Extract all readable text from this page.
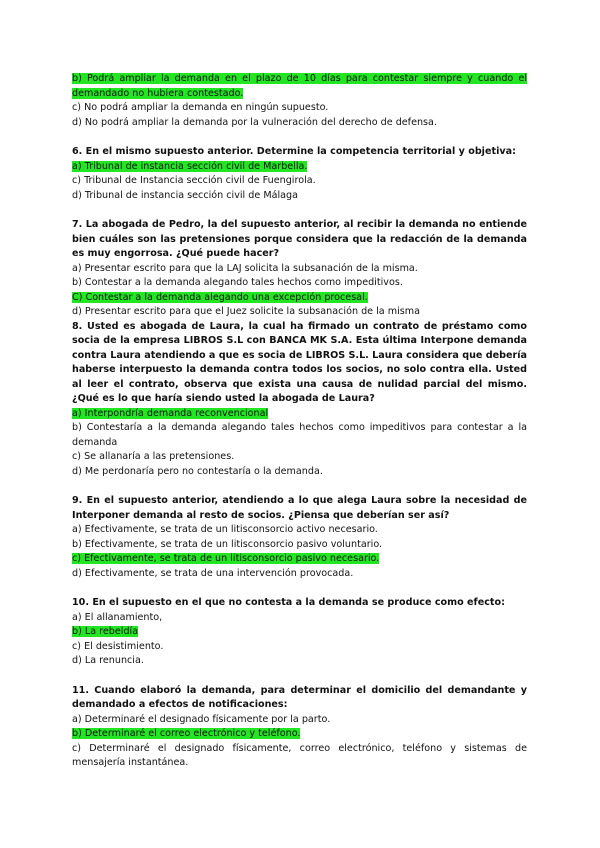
b) Podrá ampliar la demanda en el plazo de 10 días para contestar siempre y cuando el demandado no hubiera contestado.
c) No podrá ampliar la demanda en ningún supuesto.
d) No podrá ampliar la demanda por la vulneración del derecho de defensa.
6. En el mismo supuesto anterior. Determine la competencia territorial y objetiva:
a) Tribunal de instancia sección civil de Marbella.
c) Tribunal de Instancia sección civil de Fuengirola.
d) Tribunal de instancia sección civil de Málaga
7. La abogada de Pedro, la del supuesto anterior, al recibir la demanda no entiende bien cuáles son las pretensiones porque considera que la redacción de la demanda es muy engorrosa. ¿Qué puede hacer?
a) Presentar escrito para que la LAJ solicita la subsanación de la misma.
b) Contestar a la demanda alegando tales hechos como impeditivos.
C) Contestar a la demanda alegando una excepción procesal.
d) Presentar escrito para que el Juez solicite la subsanación de la misma
8. Usted es abogada de Laura, la cual ha firmado un contrato de préstamo como socia de la empresa LIBROS S.L con BANCA MK S.A. Esta última Interpone demanda contra Laura atendiendo a que es socia de LIBROS S.L. Laura considera que debería haberse interpuesto la demanda contra todos los socios, no solo contra ella. Usted al leer el contrato, observa que exista una causa de nulidad parcial del mismo. ¿Qué es lo que haría siendo usted la abogada de Laura?
a) Interpondría demanda reconvencional
b) Contestaría a la demanda alegando tales hechos como impeditivos para contestar a la demanda
c) Se allanaría a las pretensiones.
d) Me perdonaría pero no contestaría o la demanda.
9. En el supuesto anterior, atendiendo a lo que alega Laura sobre la necesidad de Interponer demanda al resto de socios. ¿Piensa que deberían ser así?
a) Efectivamente, se trata de un litisconsorcio activo necesario.
b) Efectivamente, se trata de un litisconsorcio pasivo voluntario.
c) Efectivamente, se trata de un litisconsorcio pasivo necesario.
d) Efectivamente, se trata de una intervención provocada.
10. En el supuesto en el que no contesta a la demanda se produce como efecto:
a) El allanamiento,
b) La rebeldía
c) El desistimiento.
d) La renuncia.
11. Cuando elaboró la demanda, para determinar el domicilio del demandante y demandado a efectos de notificaciones:
a) Determinaré el designado físicamente por la parto.
b) Determinaré el correo electrónico y teléfono.
c) Determinaré el designado físicamente, correo electrónico, teléfono y sistemas de mensajería instantánea.
